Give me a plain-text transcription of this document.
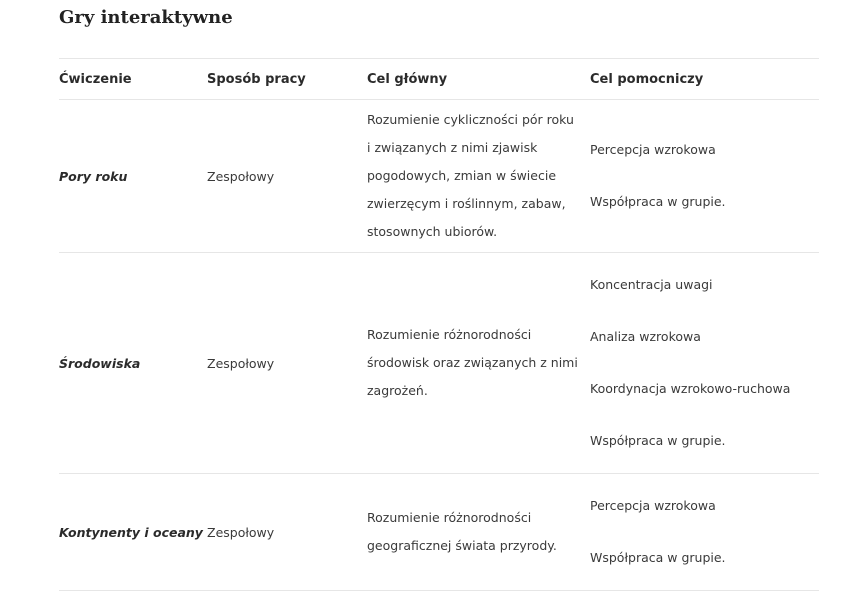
Gry interaktywne
Ćwiczenie	Sposób pracy	Cel główny	Cel pomocniczy
Pory roku	Zespołowy	Rozumienie cykliczności pór roku i związanych z nimi zjawisk pogodowych, zmian w świecie zwierzęcym i roślinnym, zabaw, stosownych ubiorów.	Percepcja wzrokowa
Współpraca w grupie.

Środowiska	Zespołowy	Rozumienie różnorodności środowisk oraz związanych z nimi zagrożeń.	Koncentracja uwagi
Analiza wzrokowa
Koordynacja wzrokowo-ruchowa
Współpraca w grupie.

Kontynenty i oceany	Zespołowy	Rozumienie różnorodności geograficznej świata przyrody.	Percepcja wzrokowa
Współpraca w grupie.
